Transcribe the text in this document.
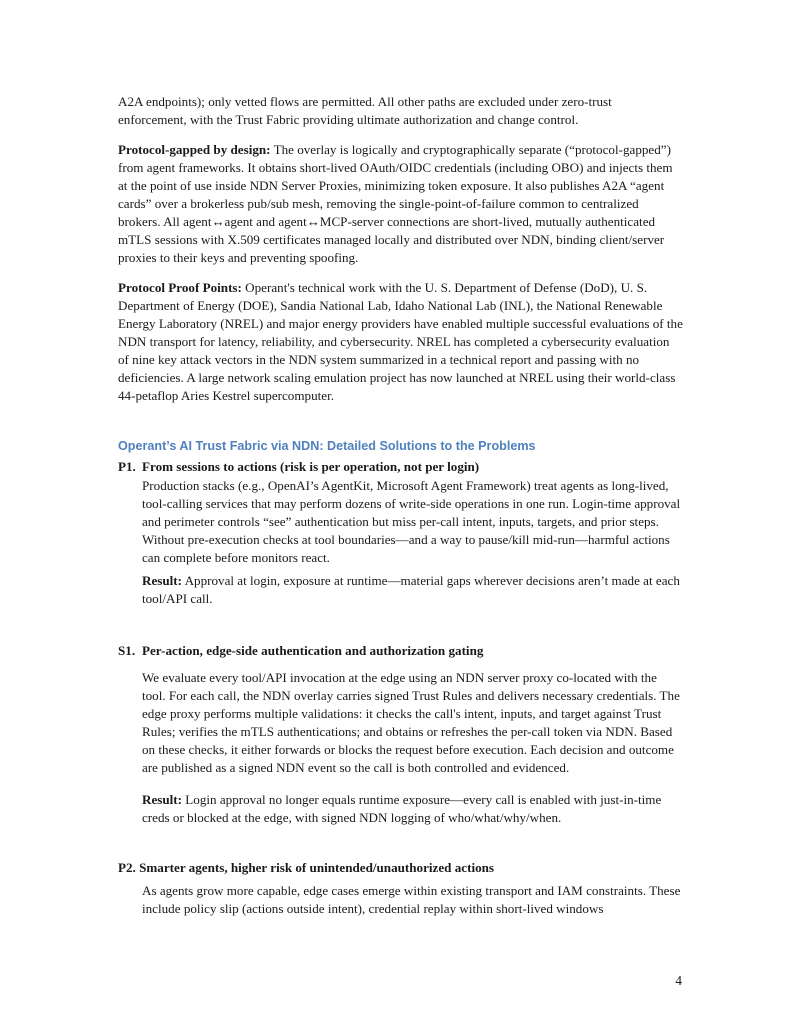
A2A endpoints); only vetted flows are permitted. All other paths are excluded under zero-trust enforcement, with the Trust Fabric providing ultimate authorization and change control.

Protocol-gapped by design: The overlay is logically and cryptographically separate (“protocol-gapped”) from agent frameworks. It obtains short-lived OAuth/OIDC credentials (including OBO) and injects them at the point of use inside NDN Server Proxies, minimizing token exposure. It also publishes A2A “agent cards” over a brokerless pub/sub mesh, removing the single-point-of-failure common to centralized brokers. All agent↔agent and agent↔MCP-server connections are short-lived, mutually authenticated mTLS sessions with X.509 certificates managed locally and distributed over NDN, binding client/server proxies to their keys and preventing spoofing.

Protocol Proof Points: Operant's technical work with the U. S. Department of Defense (DoD), U. S. Department of Energy (DOE), Sandia National Lab, Idaho National Lab (INL), the National Renewable Energy Laboratory (NREL) and major energy providers have enabled multiple successful evaluations of the NDN transport for latency, reliability, and cybersecurity. NREL has completed a cybersecurity evaluation of nine key attack vectors in the NDN system summarized in a technical report and passing with no deficiencies. A large network scaling emulation project has now launched at NREL using their world-class 44-petaflop Aries Kestrel supercomputer.

Operant’s AI Trust Fabric via NDN: Detailed Solutions to the Problems
P1. From sessions to actions (risk is per operation, not per login)

Production stacks (e.g., OpenAI’s AgentKit, Microsoft Agent Framework) treat agents as long-lived, tool-calling services that may perform dozens of write-side operations in one run. Login-time approval and perimeter controls “see” authentication but miss per-call intent, inputs, targets, and prior steps. Without pre-execution checks at tool boundaries—and a way to pause/kill mid-run—harmful actions can complete before monitors react.

Result: Approval at login, exposure at runtime—material gaps wherever decisions aren’t made at each tool/API call.

S1. Per-action, edge-side authentication and authorization gating

We evaluate every tool/API invocation at the edge using an NDN server proxy co-located with the tool. For each call, the NDN overlay carries signed Trust Rules and delivers necessary credentials. The edge proxy performs multiple validations: it checks the call's intent, inputs, and target against Trust Rules; verifies the mTLS authentications; and obtains or refreshes the per-call token via NDN. Based on these checks, it either forwards or blocks the request before execution. Each decision and outcome are published as a signed NDN event so the call is both controlled and evidenced.

Result: Login approval no longer equals runtime exposure—every call is enabled with just-in-time creds or blocked at the edge, with signed NDN logging of who/what/why/when.

P2. Smarter agents, higher risk of unintended/unauthorized actions

As agents grow more capable, edge cases emerge within existing transport and IAM constraints. These include policy slip (actions outside intent), credential replay within short-lived windows

4
